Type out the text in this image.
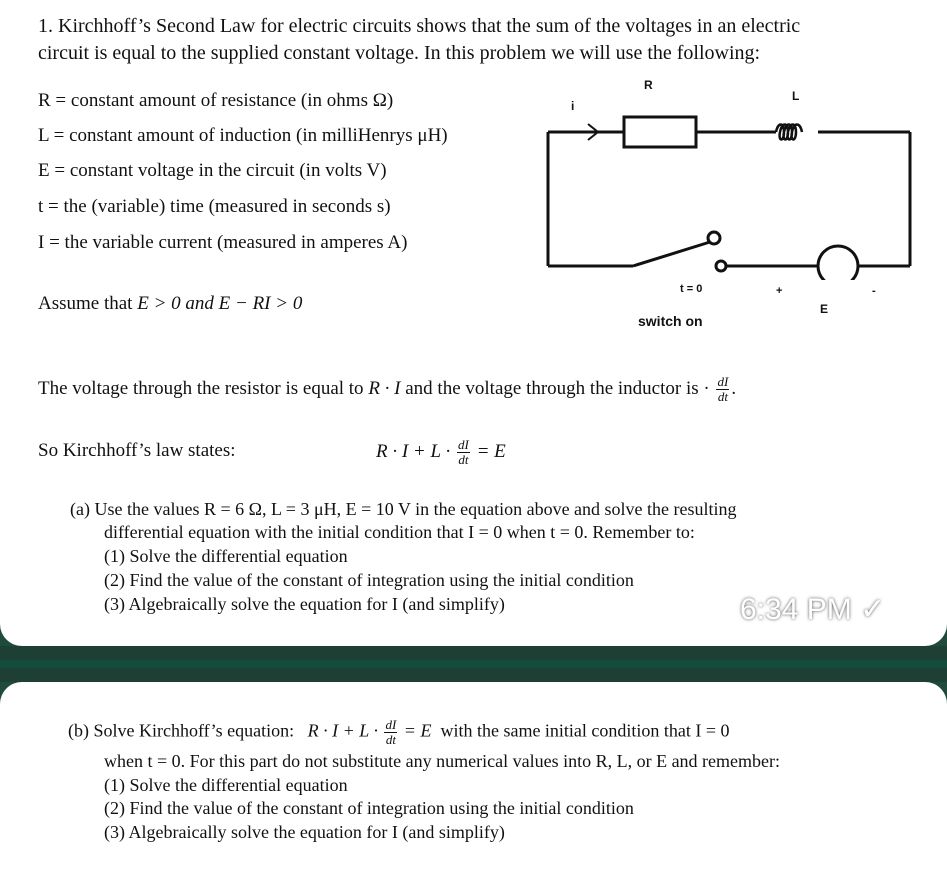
1. Kirchhoff’s Second Law for electric circuits shows that the sum of the voltages in an electric
circuit is equal to the supplied constant voltage. In this problem we will use the following:
R = constant amount of resistance (in ohms Ω)
L = constant amount of induction (in milliHenrys μH)
E = constant voltage in the circuit (in volts V)
t = the (variable) time (measured in seconds s)
I = the variable current (measured in amperes A)
Assume that E > 0 and E − RI > 0
R
L
i
t = 0	+	-
E
switch on
The voltage through the resistor is equal to R · I and the voltage through the inductor is · $\frac{dI}{dt}$ .
So Kirchhoff’s law states:	$R \cdot I + L \cdot \frac{dI}{dt} = E$
(a) Use the values R = 6 Ω, L = 3 μH, E = 10 V in the equation above and solve the resulting
differential equation with the initial condition that I = 0 when t = 0. Remember to:
(1) Solve the differential equation
(2) Find the value of the constant of integration using the initial condition
(3) Algebraically solve the equation for I (and simplify)	6:34 PM ✓
(b) Solve Kirchhoff’s equation: $R \cdot I + L \cdot \frac{dI}{dt} = E$ with the same initial condition that I = 0
when t = 0. For this part do not substitute any numerical values into R, L, or E and remember:
(1) Solve the differential equation
(2) Find the value of the constant of integration using the initial condition
(3) Algebraically solve the equation for I (and simplify)
